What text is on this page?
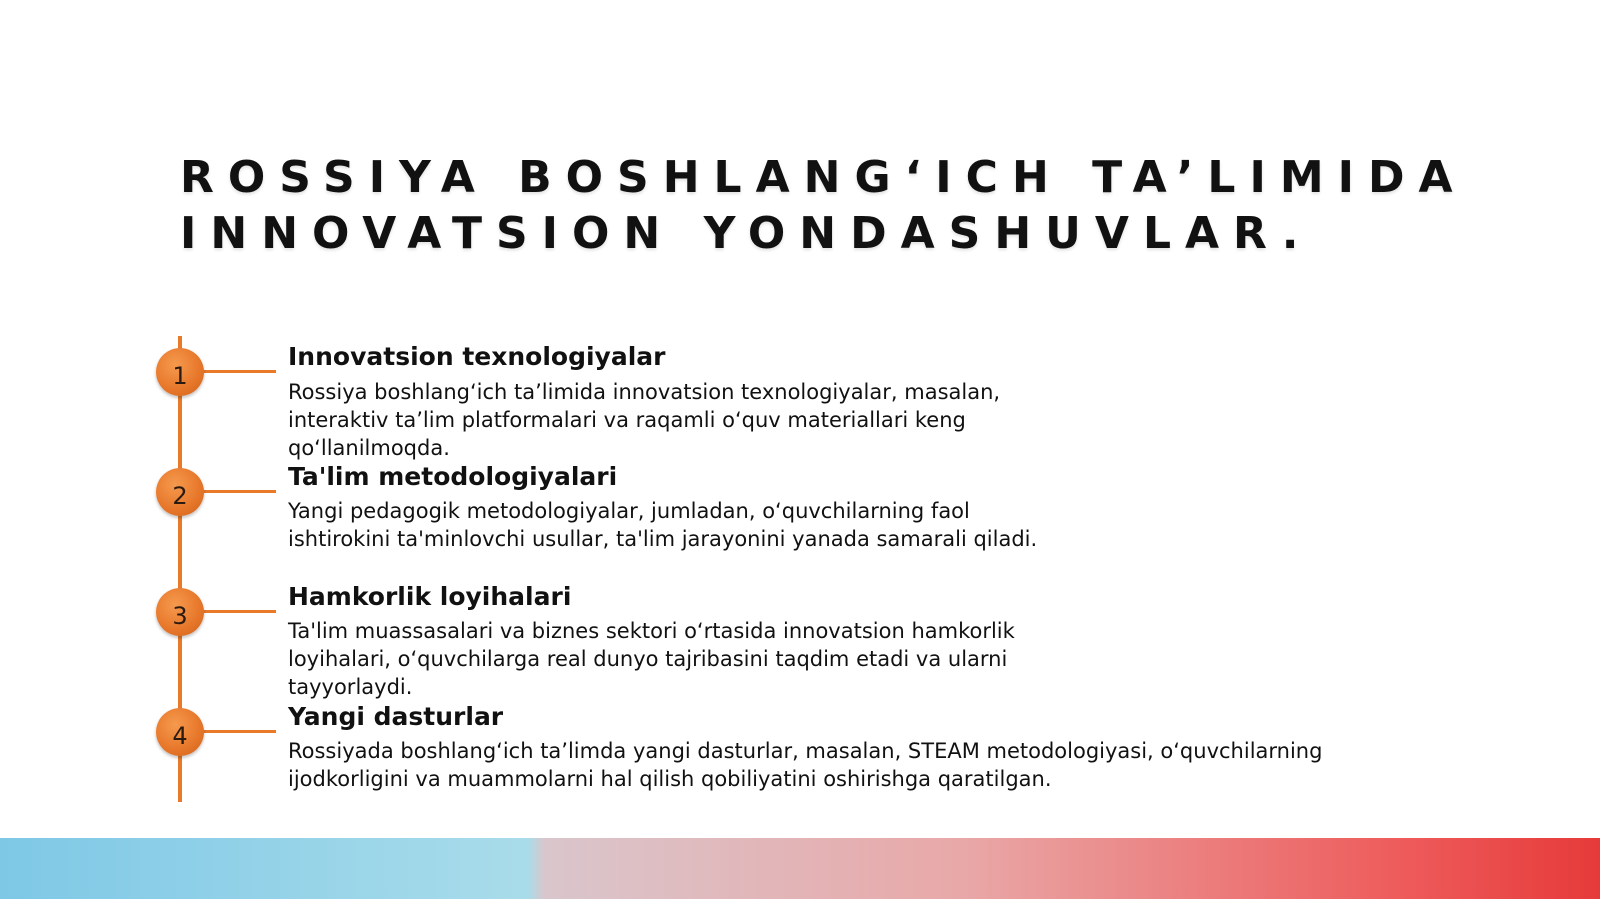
ROSSIYA BOSHLANG‘ICH TA’LIMIDA
INNOVATSION YONDASHUVLAR.
1
Innovatsion texnologiyalar

Rossiya boshlang‘ich ta’limida innovatsion texnologiyalar, masalan, interaktiv ta’lim platformalari va raqamli o‘quv materiallari keng qo‘llanilmoqda.

2
Ta'lim metodologiyalari

Yangi pedagogik metodologiyalar, jumladan, o‘quvchilarning faol ishtirokini ta'minlovchi usullar, ta'lim jarayonini yanada samarali qiladi.

3
Hamkorlik loyihalari

Ta'lim muassasalari va biznes sektori o‘rtasida innovatsion hamkorlik loyihalari, o‘quvchilarga real dunyo tajribasini taqdim etadi va ularni tayyorlaydi.

4
Yangi dasturlar

Rossiyada boshlang‘ich ta’limda yangi dasturlar, masalan, STEAM metodologiyasi, o‘quvchilarning ijodkorligini va muammolarni hal qilish qobiliyatini oshirishga qaratilgan.
